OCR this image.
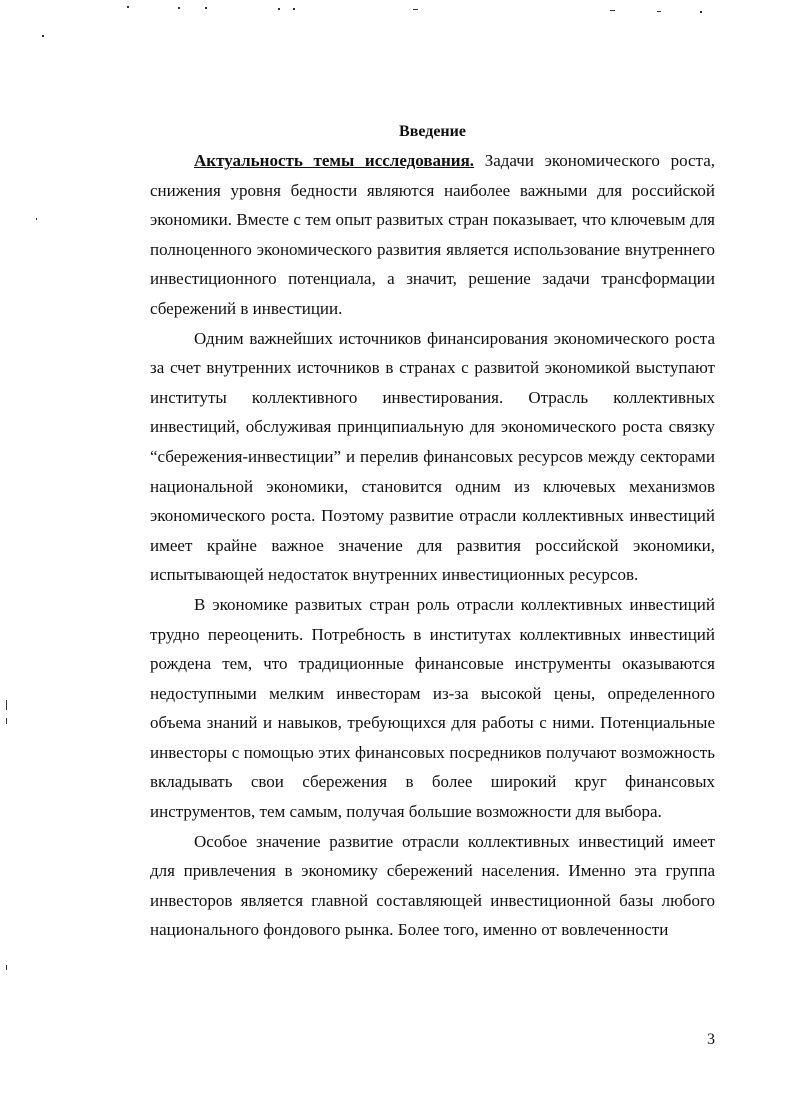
Введение

Актуальность темы исследования. Задачи экономического роста, снижения уровня бедности являются наиболее важными для российской экономики. Вместе с тем опыт развитых стран показывает, что ключевым для полноценного экономического развития является использование внутреннего инвестиционного потенциала, а значит, решение задачи трансформации сбережений в инвестиции.

Одним важнейших источников финансирования экономического роста за счет внутренних источников в странах с развитой экономикой выступают институты коллективного инвестирования. Отрасль коллективных инвестиций, обслуживая принципиальную для экономического роста связку “сбережения-инвестиции” и перелив финансовых ресурсов между секторами национальной экономики, становится одним из ключевых механизмов экономического роста. Поэтому развитие отрасли коллективных инвестиций имеет крайне важное значение для развития российской экономики, испытывающей недостаток внутренних инвестиционных ресурсов.

В экономике развитых стран роль отрасли коллективных инвестиций трудно переоценить. Потребность в институтах коллективных инвестиций рождена тем, что традиционные финансовые инструменты оказываются недоступными мелким инвесторам из-за высокой цены, определенного объема знаний и навыков, требующихся для работы с ними. Потенциальные инвесторы с помощью этих финансовых посредников получают возможность вкладывать свои сбережения в более широкий круг финансовых инструментов, тем самым, получая большие возможности для выбора.

Особое значение развитие отрасли коллективных инвестиций имеет для привлечения в экономику сбережений населения. Именно эта группа инвесторов является главной составляющей инвестиционной базы любого национального фондового рынка. Более того, именно от вовлеченности

3
